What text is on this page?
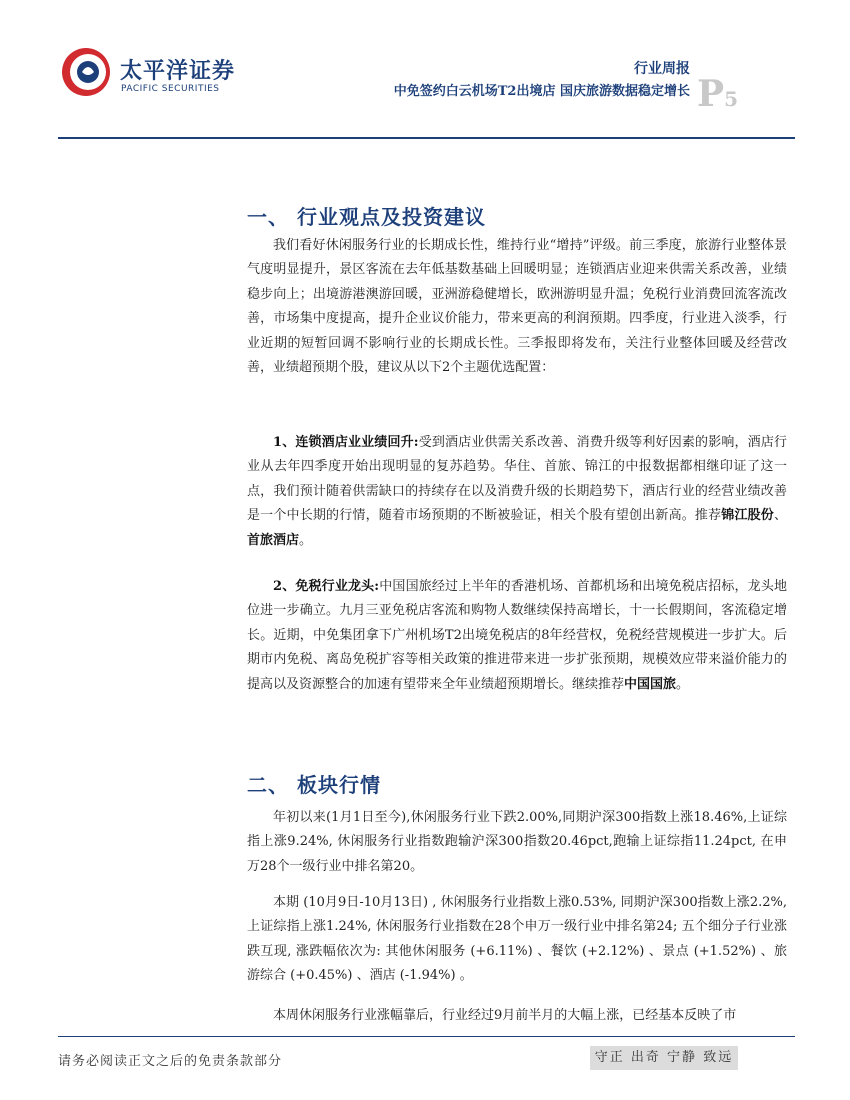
太平洋证券
PACIFIC SECURITIES
行业周报
中免签约白云机场T2出境店 国庆旅游数据稳定增长 P5
一、 行业观点及投资建议

我们看好休闲服务行业的长期成长性，维持行业“增持”评级。前三季度，旅游行业整体景气度明显提升，景区客流在去年低基数基础上回暖明显；连锁酒店业迎来供需关系改善，业绩稳步向上；出境游港澳游回暖，亚洲游稳健增长，欧洲游明显升温；免税行业消费回流客流改善，市场集中度提高，提升企业议价能力，带来更高的利润预期。四季度，行业进入淡季，行业近期的短暂回调不影响行业的长期成长性。三季报即将发布，关注行业整体回暖及经营改善，业绩超预期个股，建议从以下2个主题优选配置：

1、连锁酒店业业绩回升:受到酒店业供需关系改善、消费升级等利好因素的影响，酒店行业从去年四季度开始出现明显的复苏趋势。华住、首旅、锦江的中报数据都相继印证了这一点，我们预计随着供需缺口的持续存在以及消费升级的长期趋势下，酒店行业的经营业绩改善是一个中长期的行情，随着市场预期的不断被验证，相关个股有望创出新高。推荐锦江股份、首旅酒店。

2、免税行业龙头:中国国旅经过上半年的香港机场、首都机场和出境免税店招标，龙头地位进一步确立。九月三亚免税店客流和购物人数继续保持高增长，十一长假期间，客流稳定增长。近期，中免集团拿下广州机场T2出境免税店的8年经营权，免税经营规模进一步扩大。后期市内免税、离岛免税扩容等相关政策的推进带来进一步扩张预期，规模效应带来溢价能力的提高以及资源整合的加速有望带来全年业绩超预期增长。继续推荐中国国旅。

二、 板块行情

年初以来(1月1日至今),休闲服务行业下跌2.00%,同期沪深300指数上涨18.46%,上证综指上涨9.24%, 休闲服务行业指数跑输沪深300指数20.46pct,跑输上证综指11.24pct, 在申万28个一级行业中排名第20。

本期 (10月9日-10月13日) , 休闲服务行业指数上涨0.53%, 同期沪深300指数上涨2.2%, 上证综指上涨1.24%, 休闲服务行业指数在28个申万一级行业中排名第24; 五个细分子行业涨跌互现, 涨跌幅依次为: 其他休闲服务 (+6.11%) 、餐饮 (+2.12%) 、景点 (+1.52%) 、旅游综合 (+0.45%) 、酒店 (-1.94%) 。

本周休闲服务行业涨幅靠后，行业经过9月前半月的大幅上涨，已经基本反映了市

请务必阅读正文之后的免责条款部分	守正 出奇 宁静 致远
